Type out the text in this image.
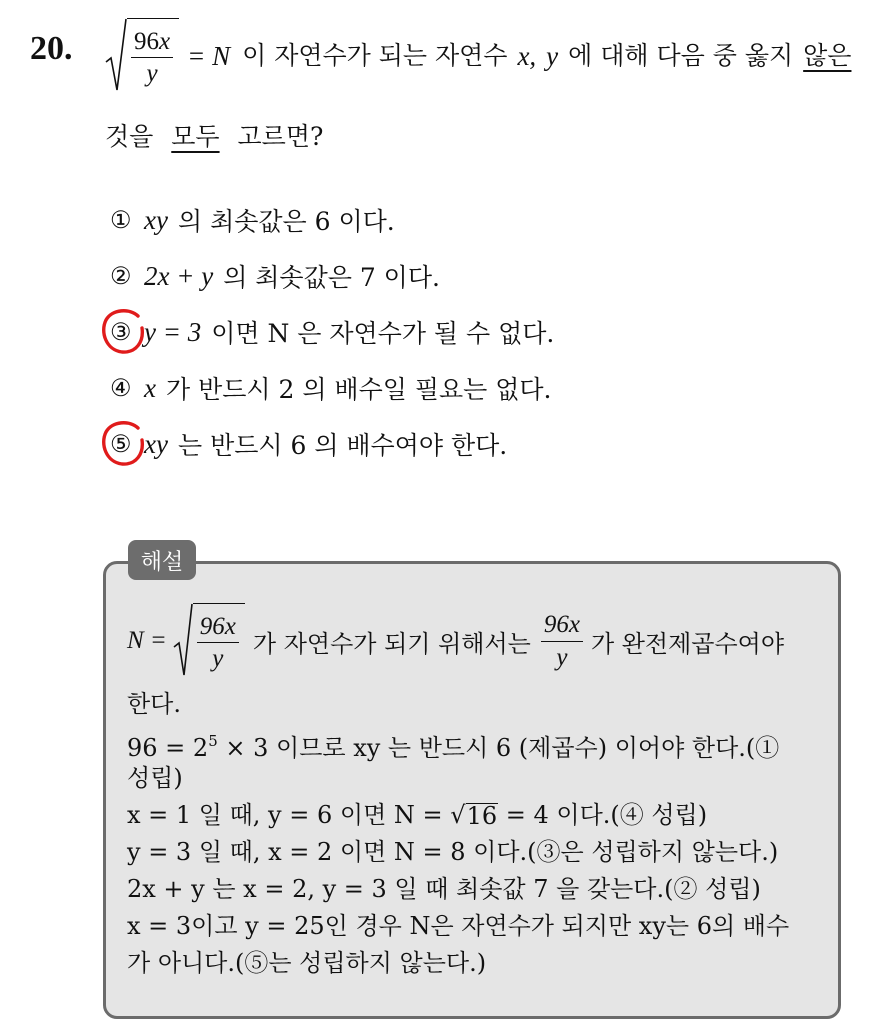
20. $\frac{96x}{y} = N$ 이 자연수가 되는 자연수 x, y 에 대해 다음 중 옳지 않은
것을 모두 고르면?
① xy 의 최솟값은 6 이다.
② 2x + y 의 최솟값은 7 이다.
③ y = 3 이면 N 은 자연수가 될 수 없다.
④ x 가 반드시 2 의 배수일 필요는 없다.
⑤ xy 는 반드시 6 의 배수여야 한다.
해설
$N = \frac{96x}{y}$ 가 자연수가 되기 위해서는 $\frac{96x}{y}$ 가 완전제곱수여야
한다.
$96 = 2^5 \times 3$ 이므로 xy 는 반드시 6 (제곱수) 이어야 한다.(①
성립)
x = 1 일 때, y = 6 이면 N = √ 16 = 4 이다.(④ 성립)
y = 3 일 때, x = 2 이면 N = 8 이다.(③은 성립하지 않는다.)
2x + y 는 x = 2, y = 3 일 때 최솟값 7 을 갖는다.(② 성립)
x = 3이고 y = 25인 경우 N은 자연수가 되지만 xy는 6의 배수
가 아니다.(⑤는 성립하지 않는다.)
